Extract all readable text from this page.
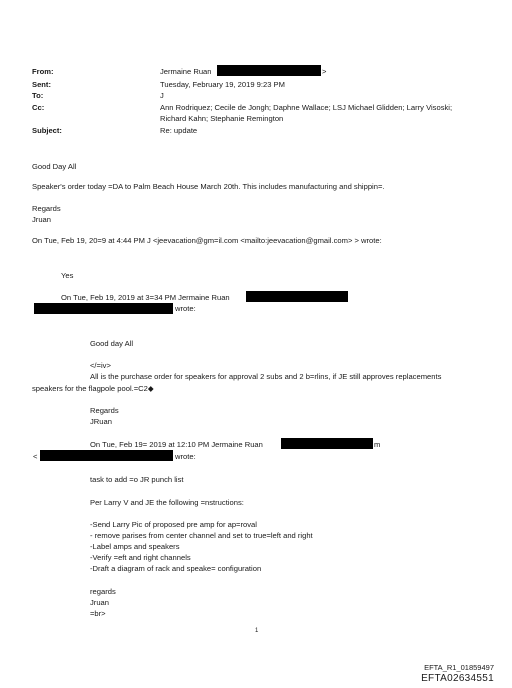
From:	Jermaine Ruan	>
Sent:	Tuesday, February 19, 2019 9:23 PM
To:	J
Cc:	Ann Rodriquez; Cecile de Jongh; Daphne Wallace; LSJ Michael Glidden; Larry Visoski;
Richard Kahn; Stephanie Remington
Subject:	Re: update
Good Day All
Speaker's order today =DA to Palm Beach House March 20th. This includes manufacturing and shippin=.
Regards
Jruan
On Tue, Feb 19, 20=9 at 4:44 PM J <jeevacation@gm=il.com <mailto:jeevacation@gmail.com> > wrote:
Yes
On Tue, Feb 19, 2019 at 3=34 PM Jermaine Ruan
wrote:
Good day All
</=iv>
All is the purchase order for speakers for approval 2 subs and 2 b=rlins, if JE still approves replacements
speakers for the flagpole pool.=C2◆
Regards
JRuan
On Tue, Feb 19= 2019 at 12:10 PM Jermaine Ruan	m
<	wrote:
task to add =o JR punch list
Per Larry V and JE the following =nstructions:
-Send Larry Pic of proposed pre amp for ap=roval
- remove parises from center channel and set to true=left and right
-Label amps and speakers
-Verify =eft and right channels
-Draft a diagram of rack and speake= configuration
regards
Jruan
=br>
1
EFTA_R1_01859497
EFTA02634551
